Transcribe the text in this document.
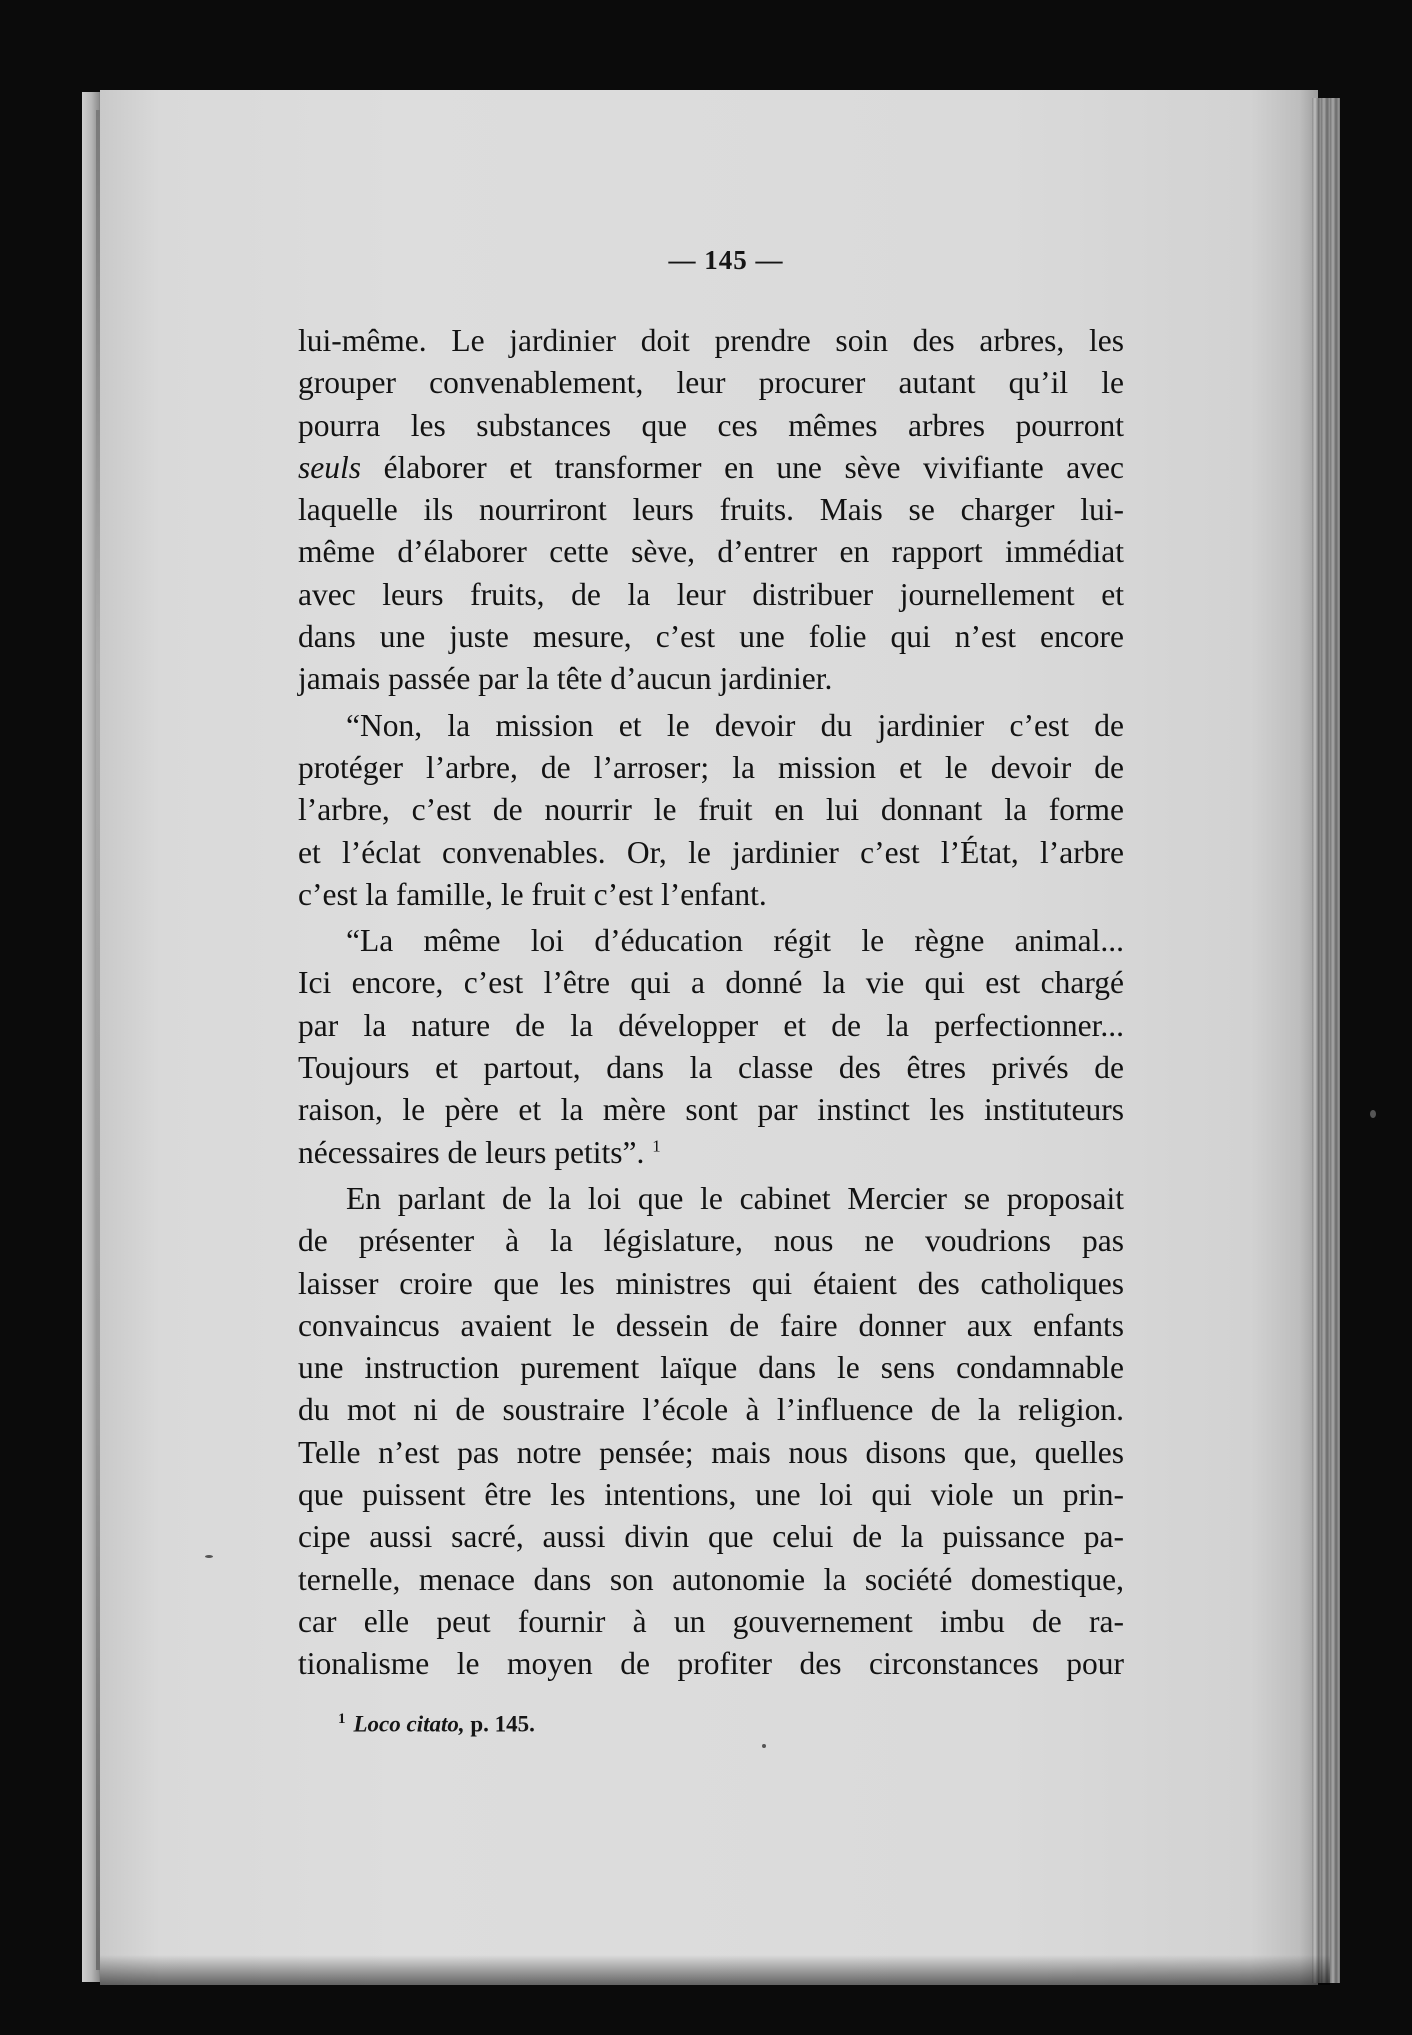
— 145 —
lui-même. Le jardinier doit prendre soin des arbres, les
grouper convenablement, leur procurer autant qu’il le
pourra les substances que ces mêmes arbres pourront
seuls élaborer et transformer en une sève vivifiante avec
laquelle ils nourriront leurs fruits. Mais se charger lui-
même d’élaborer cette sève, d’entrer en rapport immédiat
avec leurs fruits, de la leur distribuer journellement et
dans une juste mesure, c’est une folie qui n’est encore
jamais passée par la tête d’aucun jardinier.
“Non, la mission et le devoir du jardinier c’est de
protéger l’arbre, de l’arroser; la mission et le devoir de
l’arbre, c’est de nourrir le fruit en lui donnant la forme
et l’éclat convenables. Or, le jardinier c’est l’État, l’arbre
c’est la famille, le fruit c’est l’enfant.
“La même loi d’éducation régit le règne animal...
Ici encore, c’est l’être qui a donné la vie qui est chargé
par la nature de la développer et de la perfectionner...
Toujours et partout, dans la classe des êtres privés de
raison, le père et la mère sont par instinct les instituteurs
nécessaires de leurs petits”. $^1$
En parlant de la loi que le cabinet Mercier se proposait
de présenter à la législature, nous ne voudrions pas
laisser croire que les ministres qui étaient des catholiques
convaincus avaient le dessein de faire donner aux enfants
une instruction purement laïque dans le sens condamnable
du mot ni de soustraire l’école à l’influence de la religion.
Telle n’est pas notre pensée; mais nous disons que, quelles
que puissent être les intentions, une loi qui viole un prin-
cipe aussi sacré, aussi divin que celui de la puissance pa-
ternelle, menace dans son autonomie la société domestique,
car elle peut fournir à un gouvernement imbu de ra-
tionalisme le moyen de profiter des circonstances pour
$^1$ Loco citato, p. 145.
